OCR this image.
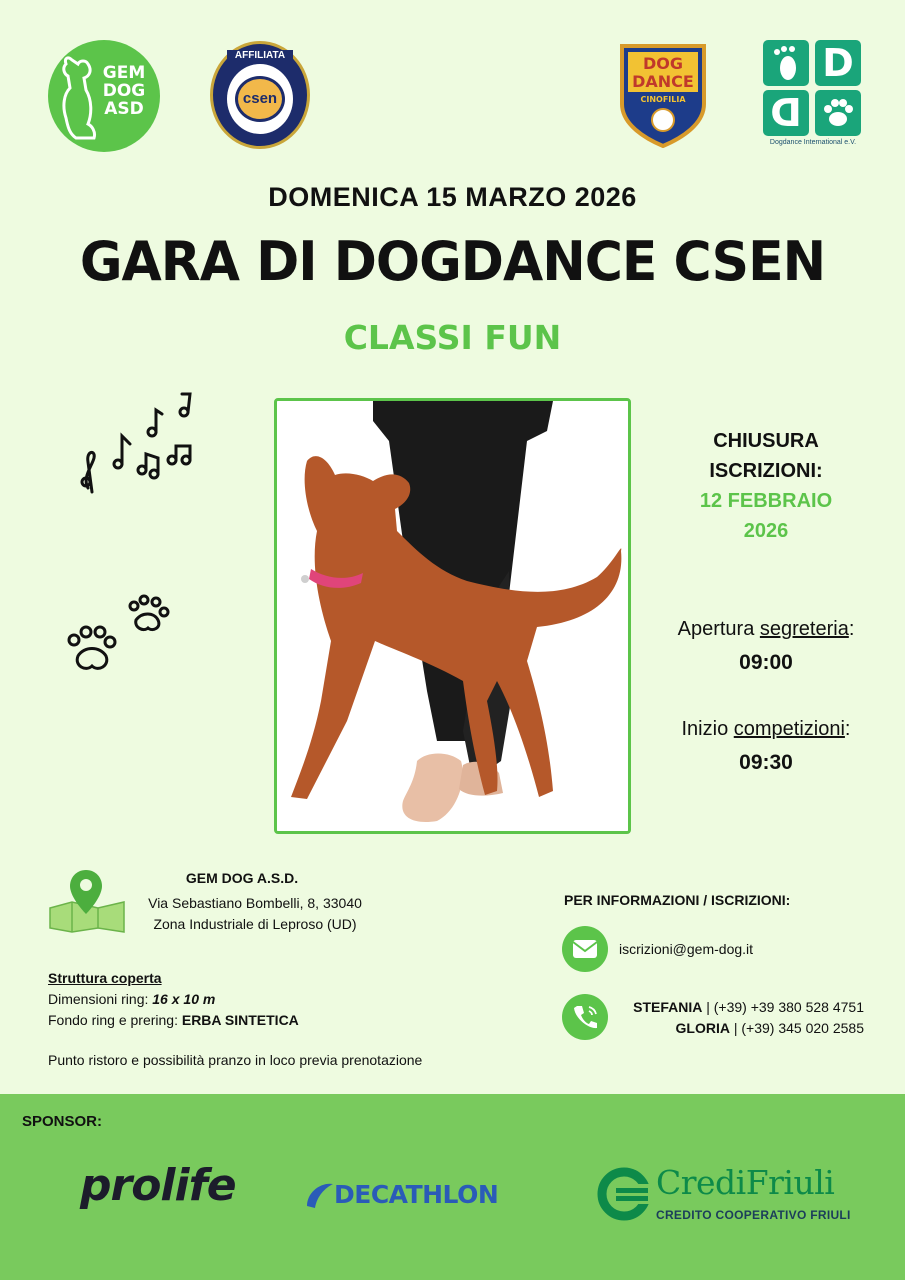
GEM
DOG
ASD
AFFILIATA
csen
DOG
DANCE
CINOFILIA
D
D
Dogdance International e.V.
DOMENICA 15 MARZO 2026
GARA DI DOGDANCE CSEN
CLASSI FUN
CHIUSURA
ISCRIZIONI:
12 FEBBRAIO
2026
Apertura segreteria:
09:00
Inizio competizioni:
09:30
GEM DOG A.S.D.
Via Sebastiano Bombelli, 8, 33040
Zona Industriale di Leproso (UD)
Struttura coperta
Dimensioni ring: 16 x 10 m
Fondo ring e prering: ERBA SINTETICA
Punto ristoro e possibilità pranzo in loco previa prenotazione
PER INFORMAZIONI / ISCRIZIONI:
iscrizioni@gem-dog.it
STEFANIA | (+39) +39 380 528 4751
GLORIA | (+39) 345 020 2585
SPONSOR:
prolife	DECATHLON	CrediFriuli
CREDITO COOPERATIVO FRIULI
